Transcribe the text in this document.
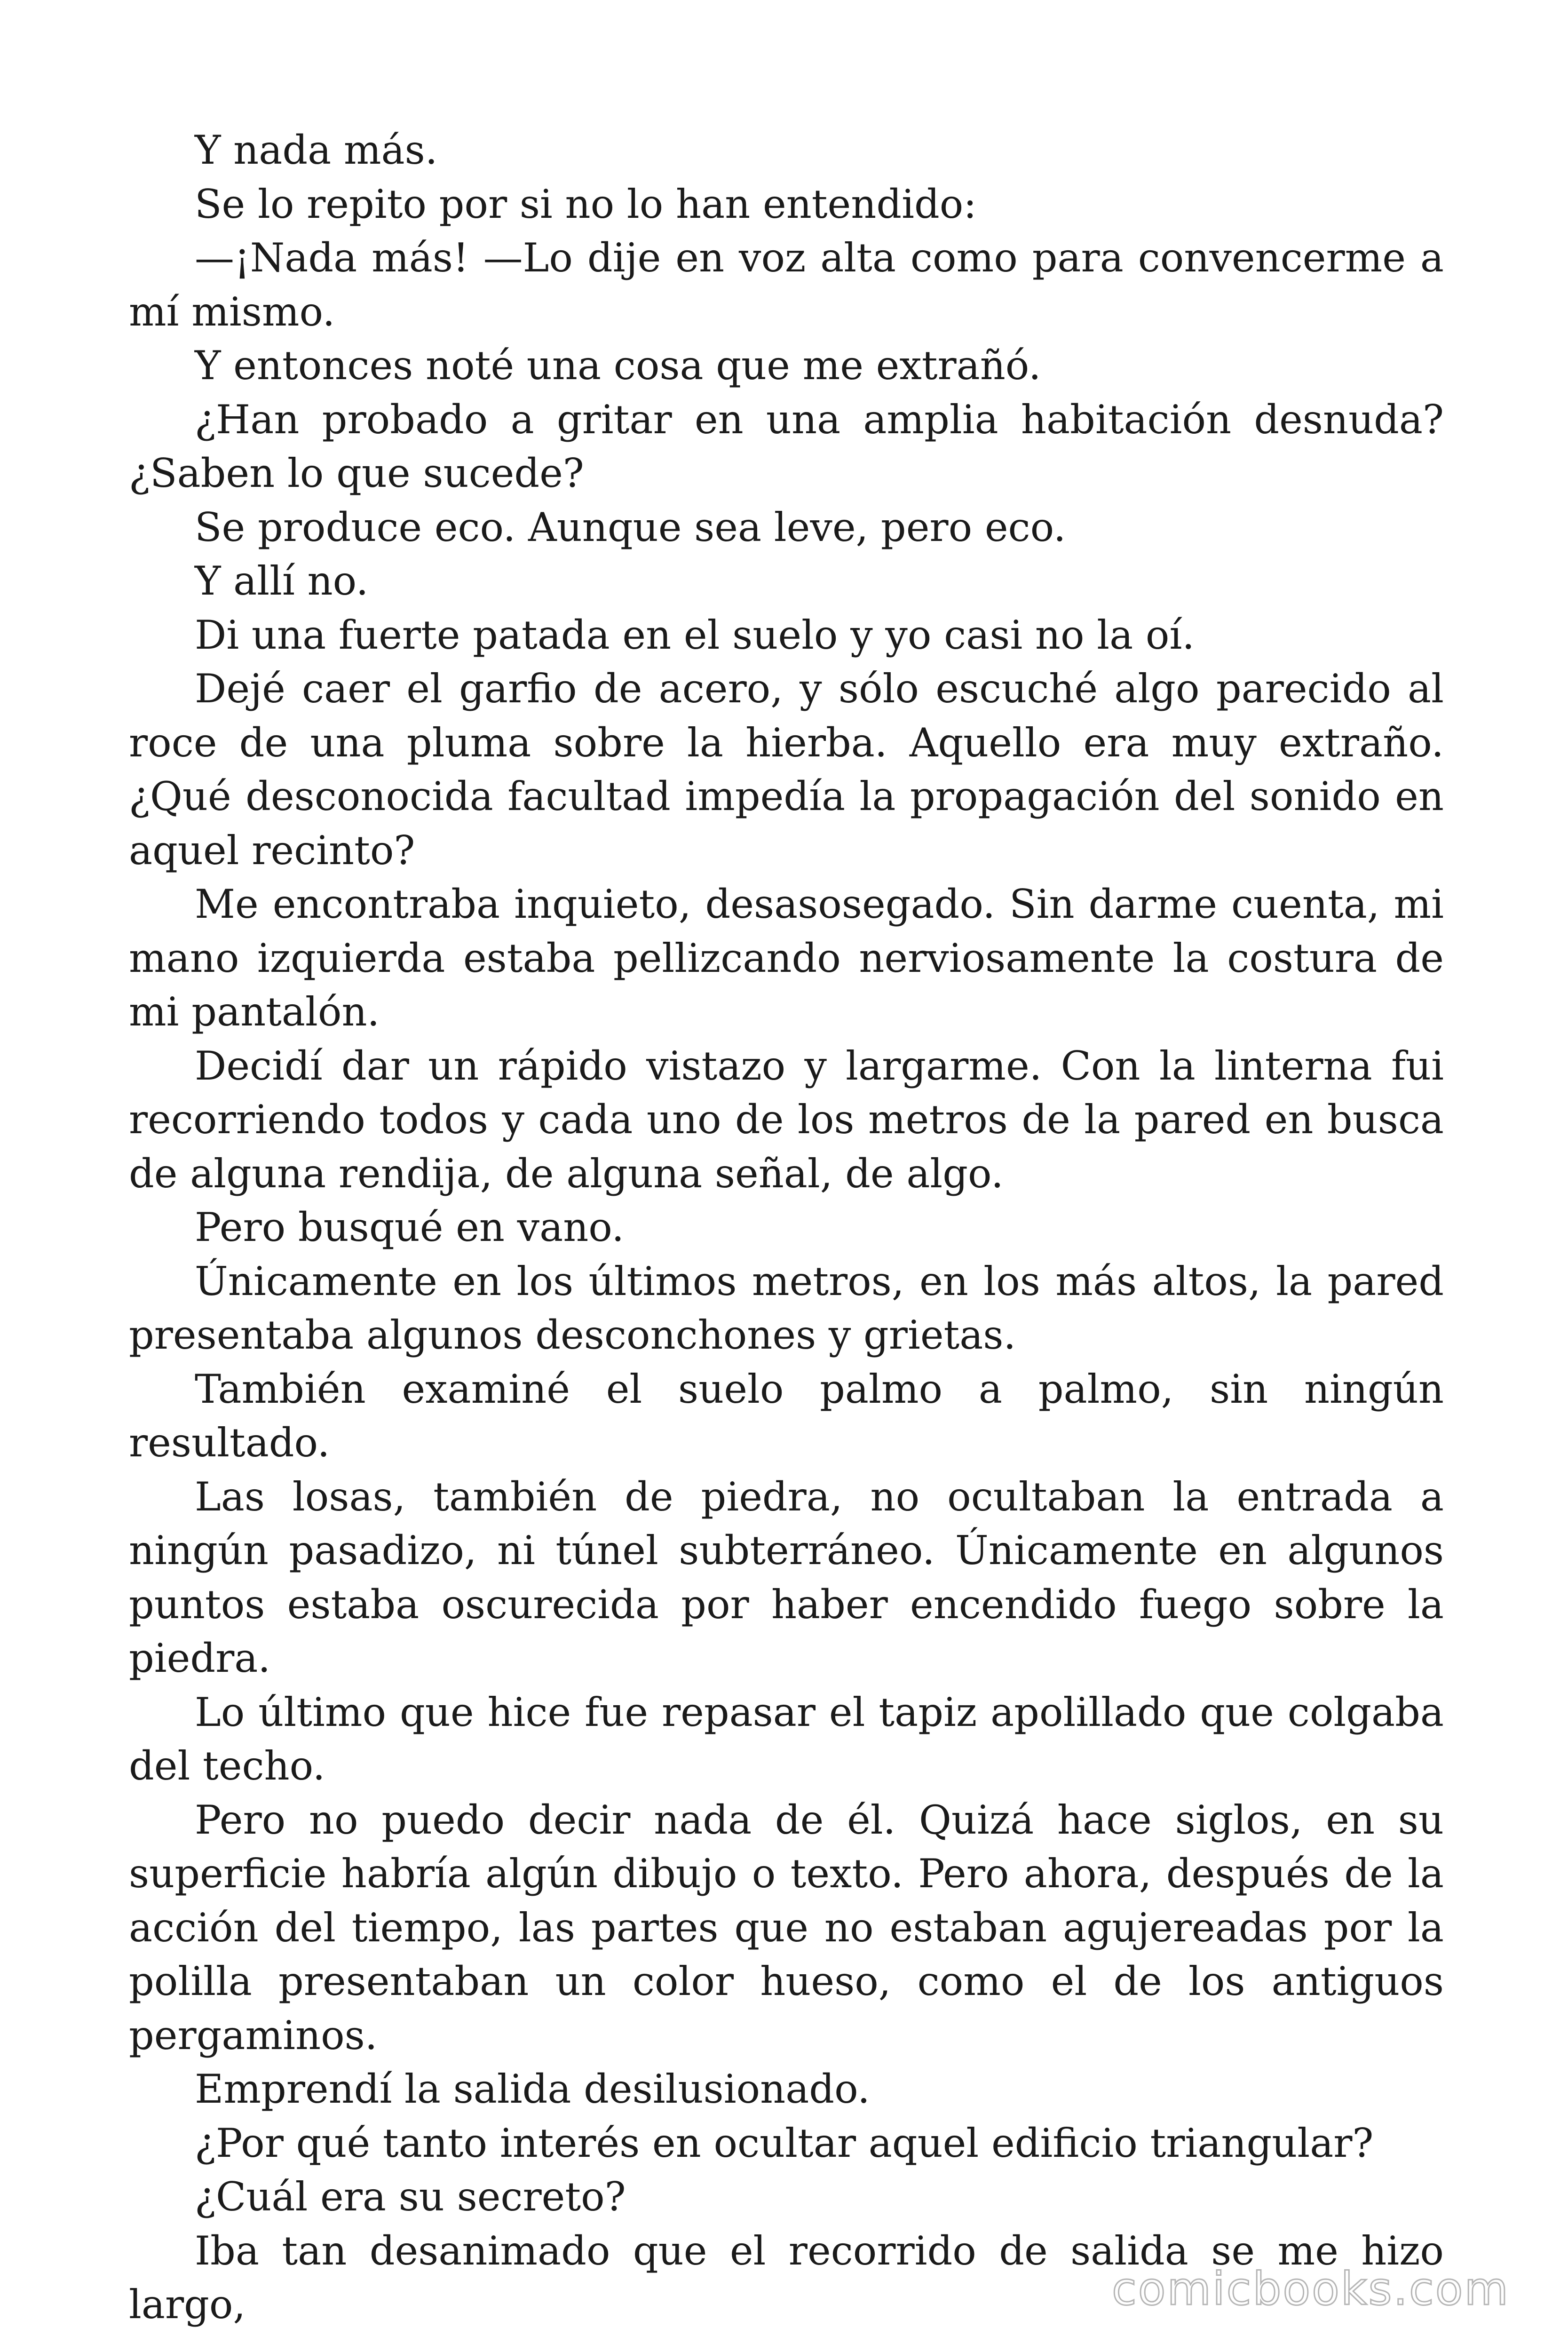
Y nada más.

Se lo repito por si no lo han entendido:

—¡Nada más! —Lo dije en voz alta como para convencerme a mí mismo.

Y entonces noté una cosa que me extrañó.

¿Han probado a gritar en una amplia habitación desnuda? ¿Saben lo que sucede?

Se produce eco. Aunque sea leve, pero eco.

Y allí no.

Di una fuerte patada en el suelo y yo casi no la oí.

Dejé caer el garfio de acero, y sólo escuché algo parecido al roce de una pluma sobre la hierba. Aquello era muy extraño. ¿Qué desconocida facultad impedía la propagación del sonido en aquel recinto?

Me encontraba inquieto, desasosegado. Sin darme cuenta, mi mano izquierda estaba pellizcando nerviosamente la costura de mi pantalón.

Decidí dar un rápido vistazo y largarme. Con la linterna fui recorriendo todos y cada uno de los metros de la pared en busca de alguna rendija, de alguna señal, de algo.

Pero busqué en vano.

Únicamente en los últimos metros, en los más altos, la pared presentaba algunos desconchones y grietas.

También examiné el suelo palmo a palmo, sin ningún resultado.

Las losas, también de piedra, no ocultaban la entrada a ningún pasadizo, ni túnel subterráneo. Únicamente en algunos puntos estaba oscurecida por haber encendido fuego sobre la piedra.

Lo último que hice fue repasar el tapiz apolillado que colgaba del techo.

Pero no puedo decir nada de él. Quizá hace siglos, en su superficie habría algún dibujo o texto. Pero ahora, después de la acción del tiempo, las partes que no estaban agujereadas por la polilla presentaban un color hueso, como el de los antiguos pergaminos.

Emprendí la salida desilusionado.

¿Por qué tanto interés en ocultar aquel edificio triangular?

¿Cuál era su secreto?

Iba tan desanimado que el recorrido de salida se me hizo largo,	comicbooks.com
